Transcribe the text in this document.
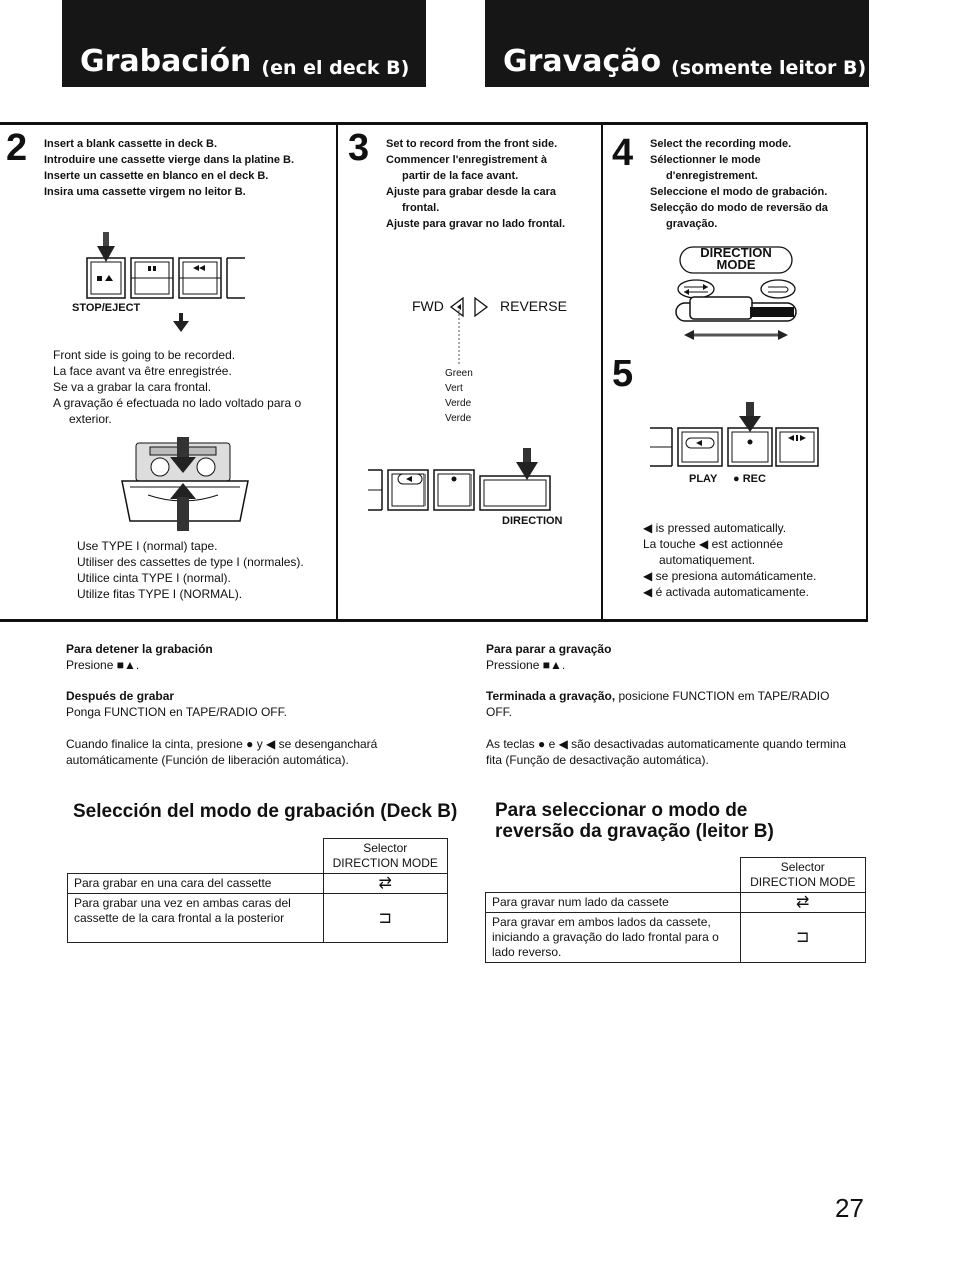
Grabación (en el deck B)	Gravação (somente leitor B)
2 Insert a blank cassette in deck B.
Introduire une cassette vierge dans la platine B.
Inserte un cassette en blanco en el deck B.
Insira uma cassette virgem no leitor B.
STOP/EJECT
Front side is going to be recorded.
La face avant va être enregistrée.
Se va a grabar la cara frontal.
A gravação é efectuada no lado voltado para o
exterior.
Use TYPE I (normal) tape.
Utiliser des cassettes de type I (normales).
Utilice cinta TYPE I (normal).
Utilize fitas TYPE I (NORMAL).
3 Set to record from the front side.
Commencer l'enregistrement à
partir de la face avant.
Ajuste para grabar desde la cara
frontal.
Ajuste para gravar no lado frontal.
FWD	REVERSE
Green
Vert
Verde
Verde
DIRECTION
4 Select the recording mode.
Sélectionner le mode
d'enregistrement.
Seleccione el modo de grabación.
Selecção do modo de reversão da
gravação.
DIRECTION
MODE
5
PLAY ● REC
◀ is pressed automatically.
La touche ◀ est actionnée
automatiquement.
◀ se presiona automáticamente.
◀ é activada automaticamente.
Para detener la grabación
Presione ■▲.
Después de grabar
Ponga FUNCTION en TAPE/RADIO OFF.
Cuando finalice la cinta, presione ● y ◀ se desenganchará
automáticamente (Función de liberación automática).
Para parar a gravação
Pressione ■▲.
Terminada a gravação, posicione FUNCTION em TAPE/RADIO
OFF.
As teclas ● e ◀ são desactivadas automaticamente quando termina
fita (Função de desactivação automática).
Selección del modo de grabación (Deck B) Para seleccionar o modo de
reversão da gravação (leitor B)

	Selector
DIRECTION MODE

Para grabar en una cara del cassette	⇄

Para grabar una vez en ambas caras del
cassette de la cara frontal a la posterior	⊐

	Selector
DIRECTION MODE

Para gravar num lado da cassete	⇄

Para gravar em ambos lados da cassete,
iniciando a gravação do lado frontal para o
lado reverso.	⊐
27
